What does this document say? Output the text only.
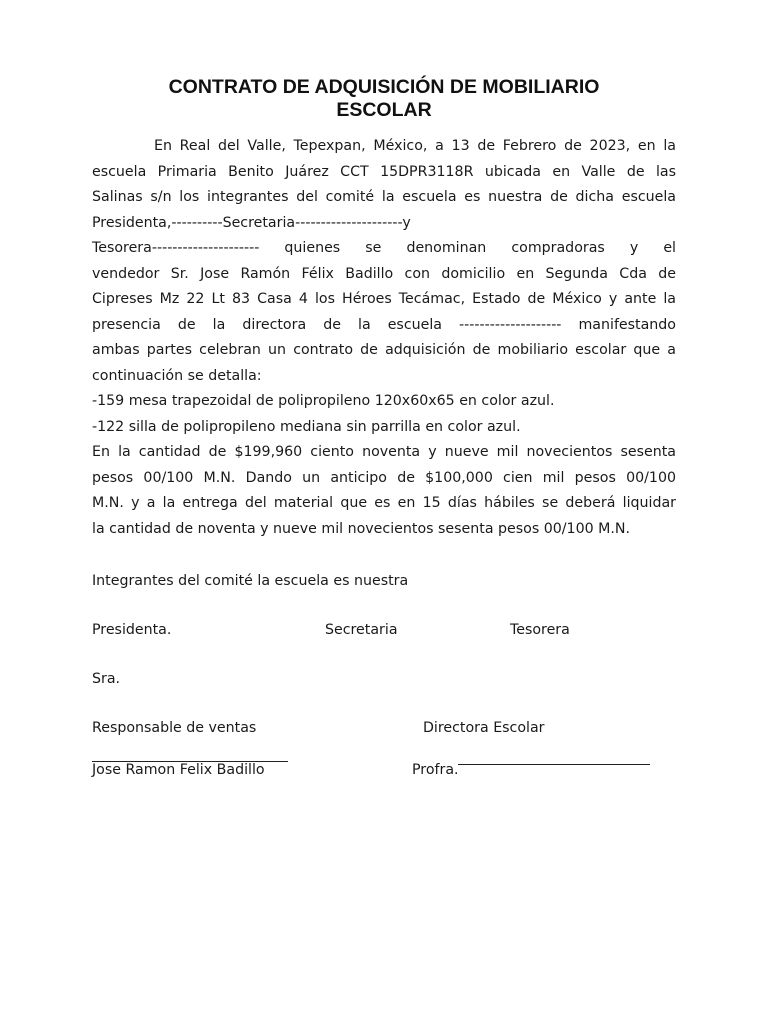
CONTRATO DE ADQUISICIÓN DE MOBILIARIO
ESCOLAR

En Real del Valle, Tepexpan, México, a 13 de Febrero de 2023, en la
escuela Primaria Benito Juárez CCT 15DPR3118R ubicada en Valle de las
Salinas s/n los integrantes del comité la escuela es nuestra de dicha escuela
Presidenta,----------Secretaria---------------------y
Tesorera--------------------- quienes se denominan compradoras y el
vendedor Sr. Jose Ramón Félix Badillo con domicilio en Segunda Cda de
Cipreses Mz 22 Lt 83 Casa 4 los Héroes Tecámac, Estado de México y ante la
presencia de la directora de la escuela -------------------- manifestando
ambas partes celebran un contrato de adquisición de mobiliario escolar que a
continuación se detalla:

-159 mesa trapezoidal de polipropileno 120x60x65 en color azul.
-122 silla de polipropileno mediana sin parrilla en color azul.

En la cantidad de $199,960 ciento noventa y nueve mil novecientos sesenta
pesos 00/100 M.N. Dando un anticipo de $100,000 cien mil pesos 00/100
M.N. y a la entrega del material que es en 15 días hábiles se deberá liquidar
la cantidad de noventa y nueve mil novecientos sesenta pesos 00/100 M.N.

Integrantes del comité la escuela es nuestra
Presidenta.	Secretaria	Tesorera
Sra.
Responsable de ventas	Directora Escolar
Jose Ramon Felix Badillo	Profra.
